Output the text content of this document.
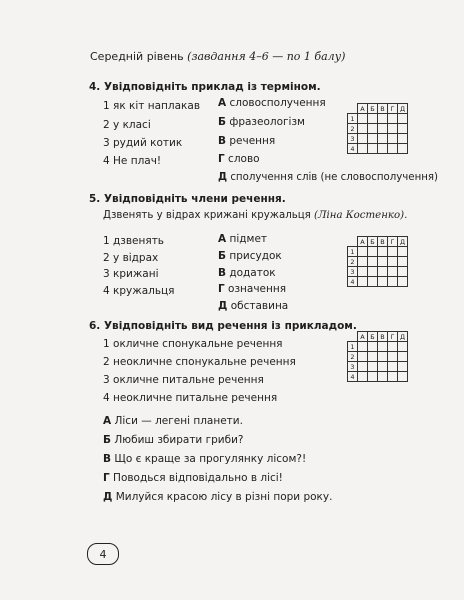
Середній рівень (завдання 4–6 — по 1 балу)
4. Увідповідніть приклад із терміном.
1 як кіт наплакав
2 у класі
3 рудий котик
4 Не плач!
А словосполучення
Б фразеологізм
В речення
Г слово
Д сполучення слів (не словосполучення)
	А	Б	В	Г	Д
1					
2					
3					
4					
5. Увідповідніть члени речення.
Дзвенять у відрах крижані кружальця (Ліна Костенко).
1 дзвенять
2 у відрах
3 крижані
4 кружальця
А підмет
Б присудок
В додаток
Г означення
Д обставина
	А	Б	В	Г	Д
1					
2					
3					
4					
6. Увідповідніть вид речення із прикладом.
1 окличне спонукальне речення
2 неокличне спонукальне речення
3 окличне питальне речення
4 неокличне питальне речення
	А	Б	В	Г	Д
1					
2					
3					
4					
А Ліси — легені планети.
Б Любиш збирати гриби?
В Що є краще за прогулянку лісом?!
Г Поводься відповідально в лісі!
Д Милуйся красою лісу в різні пори року.
4
